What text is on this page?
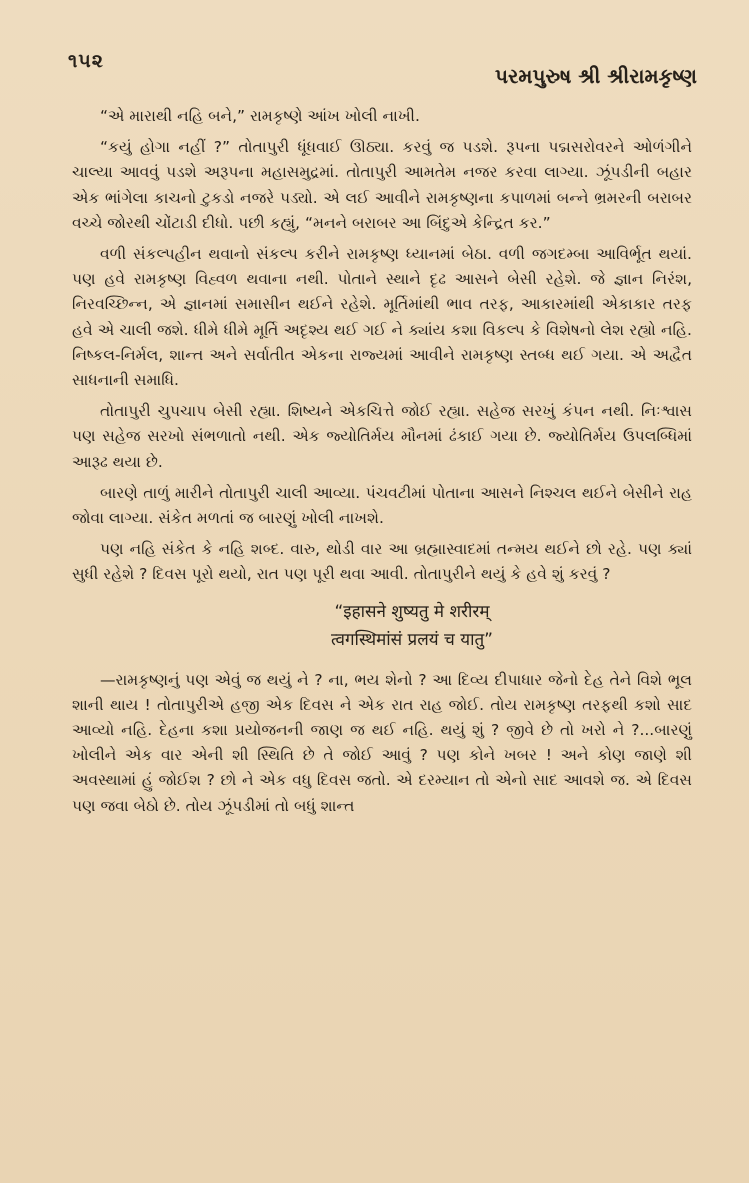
૧૫૨
પરમપુરુષ શ્રી શ્રીરામકૃષ્ણ

“એ મારાથી નહિ બને,” રામકૃષ્ણે આંખ ખોલી નાખી.

“કયું હોગા નહીં ?” તોતાપુરી ધૂંધવાઈ ઊઠ્યા. કરવું જ પડશે. રૂપના પદ્મસરોવરને ઓળંગીને ચાલ્યા આવવું પડશે અરૂપના મહાસમુદ્રમાં. તોતાપુરી આમતેમ નજર કરવા લાગ્યા. ઝૂંપડીની બહાર એક ભાંગેલા કાચનો ટુકડો નજરે પડ્યો. એ લઈ આવીને રામકૃષ્ણના કપાળમાં બન્ને ભ્રમરની બરાબર વચ્ચે જોરથી ચોંટાડી દીધો. પછી કહ્યું, “મનને બરાબર આ બિંદુએ કેન્દ્રિત કર.”

વળી સંકલ્પહીન થવાનો સંકલ્પ કરીને રામકૃષ્ણ ધ્યાનમાં બેઠા. વળી જગદમ્બા આવિર્ભૂત થયાં. પણ હવે રામકૃષ્ણ વિહ્વળ થવાના નથી. પોતાને સ્થાને દૃઢ આસને બેસી રહેશે. જે જ્ઞાન નિરંશ, નિરવચ્છિન્ન, એ જ્ઞાનમાં સમાસીન થઈને રહેશે. મૂર્તિમાંથી ભાવ તરફ, આકારમાંથી એકાકાર તરફ હવે એ ચાલી જશે. ધીમે ધીમે મૂર્તિ અદૃશ્ય થઈ ગઈ ને ક્યાંય કશા વિકલ્પ કે વિશેષનો લેશ રહ્યો નહિ. નિષ્કલ-નિર્મલ, શાન્ત અને સર્વાતીત એકના રાજ્યમાં આવીને રામકૃષ્ણ સ્તબ્ધ થઈ ગયા. એ અદ્વૈત સાધનાની સમાધિ.

તોતાપુરી ચુપચાપ બેસી રહ્યા. શિષ્યને એકચિત્તે જોઈ રહ્યા. સહેજ સરખું કંપન નથી. નિઃશ્વાસ પણ સહેજ સરખો સંભળાતો નથી. એક જ્યોતિર્મય મૌનમાં ઢંકાઈ ગયા છે. જ્યોતિર્મય ઉપલબ્ધિમાં આરૂઢ થયા છે.

બારણે તાળું મારીને તોતાપુરી ચાલી આવ્યા. પંચવટીમાં પોતાના આસને નિશ્ચલ થઈને બેસીને રાહ જોવા લાગ્યા. સંકેત મળતાં જ બારણું ખોલી નાખશે.

પણ નહિ સંકેત કે નહિ શબ્દ. વારુ, થોડી વાર આ બ્રહ્માસ્વાદમાં તન્મય થઈને છો રહે. પણ ક્યાં સુધી રહેશે ? દિવસ પૂરો થયો, રાત પણ પૂરી થવા આવી. તોતાપુરીને થયું કે હવે શું કરવું ?

“इहासने शुष्यतु मे शरीरम्
त्वगस्थिमांसं प्रलयं च यातु”

—રામકૃષ્ણનું પણ એવું જ થયું ને ? ના, ભય શેનો ? આ દિવ્ય દીપાધાર જેનો દેહ તેને વિશે ભૂલ શાની થાય ! તોતાપુરીએ હજી એક દિવસ ને એક રાત રાહ જોઈ. તોય રામકૃષ્ણ તરફથી કશો સાદ આવ્યો નહિ. દેહના કશા પ્રયોજનની જાણ જ થઈ નહિ. થયું શું ? જીવે છે તો ખરો ને ?...બારણું ખોલીને એક વાર એની શી સ્થિતિ છે તે જોઈ આવું ? પણ કોને ખબર ! અને કોણ જાણે શી અવસ્થામાં હું જોઈશ ? છો ને એક વધુ દિવસ જતો. એ દરમ્યાન તો એનો સાદ આવશે જ. એ દિવસ પણ જવા બેઠો છે. તોય ઝૂંપડીમાં તો બધું શાન્ત
